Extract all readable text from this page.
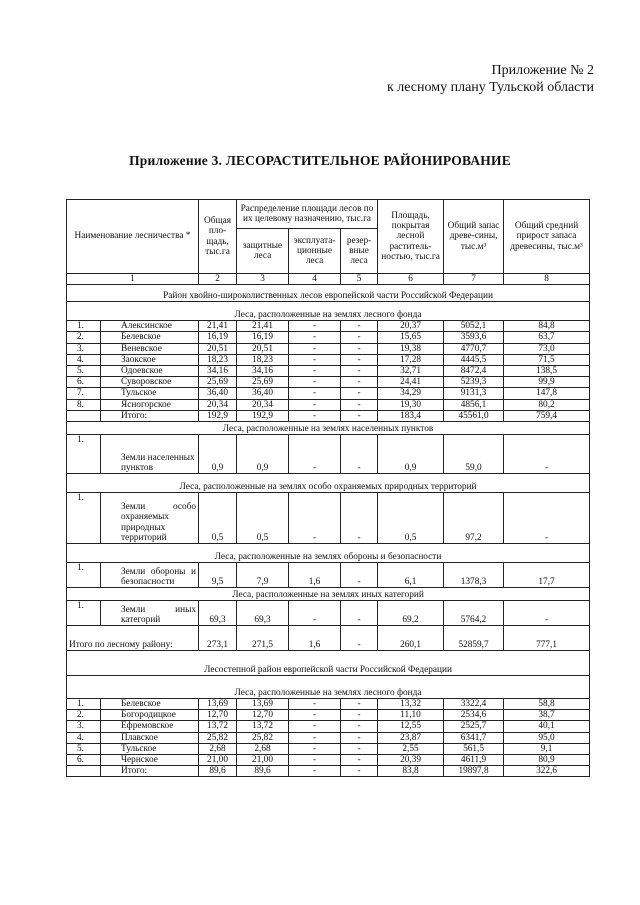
Приложение № 2
к лесному плану Тульской области
Приложение 3. ЛЕСОРАСТИТЕЛЬНОЕ РАЙОНИРОВАНИЕ
Наименование лесничества *		Общая пло-щадь, тыс.га	Распределение площади лесов по их целевому назначению, тыс.га			Площадь, покрытая лесной раститель-ностью, тыс.га	Общий запас древе-сины, тыс.м³	Общий средний прирост запаса древесины, тыс.м³
			защитные леса	эксплуата-ционные леса	резер-вные леса			
1		2	3	4	5	6	7	8
Район хвойно-широколиственных лесов европейской части Российской Федерации								
Леса, расположенные на землях лесного фонда								
1.	Алексинское	21,41	21,41	-	-	20,37	5052,1	84,8
2.	Белевское	16,19	16,19	-	-	15,65	3593,6	63,7
3.	Веневское	20,51	20,51	-	-	19,38	4770,7	73,0
4.	Заокское	18,23	18,23	-	-	17,28	4445,5	71,5
5.	Одоевское	34,16	34,16	-	-	32,71	8472,4	138,5
6.	Суворовское	25,69	25,69	-	-	24,41	5239,3	99,9
7.	Тульское	36,40	36,40	-	-	34,29	9131,3	147,8
8.	Ясногорское	20,34	20,34	-	-	19,30	4856,1	80,2
	Итого:	192,9	192,9	-	-	183,4	45561,0	759,4
Леса, расположенные на землях населенных пунктов								
1.	Земли населенных пунктов	0,9	0,9	-	-	0,9	59,0	-
Леса, расположенные на землях особо охраняемых природных территорий								
1.	Земли особо охраняемых природных территорий	0,5	0,5	-	-	0,5	97,2	-
Леса, расположенные на землях обороны и безопасности								
1.	Земли обороны и безопасности	9,5	7,9	1,6	-	6,1	1378,3	17,7
Леса, расположенные на землях иных категорий								
1.	Земли иных категорий	69,3	69,3	-	-	69,2	5764,2	-
Итого по лесному району:		273,1	271,5	1,6	-	260,1	52859,7	777,1
Лесостепной район европейской части Российской Федерации								
Леса, расположенные на землях лесного фонда								
1.	Белевское	13,69	13,69	-	-	13,32	3322,4	58,8
2.	Богородицкое	12,70	12,70	-	-	11,10	2534,6	38,7
3.	Ефремовское	13,72	13,72	-	-	12,55	2525,7	40,1
4.	Плавское	25,82	25,82	-	-	23,87	6341,7	95,0
5.	Тульское	2,68	2,68	-	-	2,55	561,5	9,1
6.	Чернское	21,00	21,00	-	-	20,39	4611,9	80,9
	Итого:	89,6	89,6	-	-	83,8	19897,8	322,6
